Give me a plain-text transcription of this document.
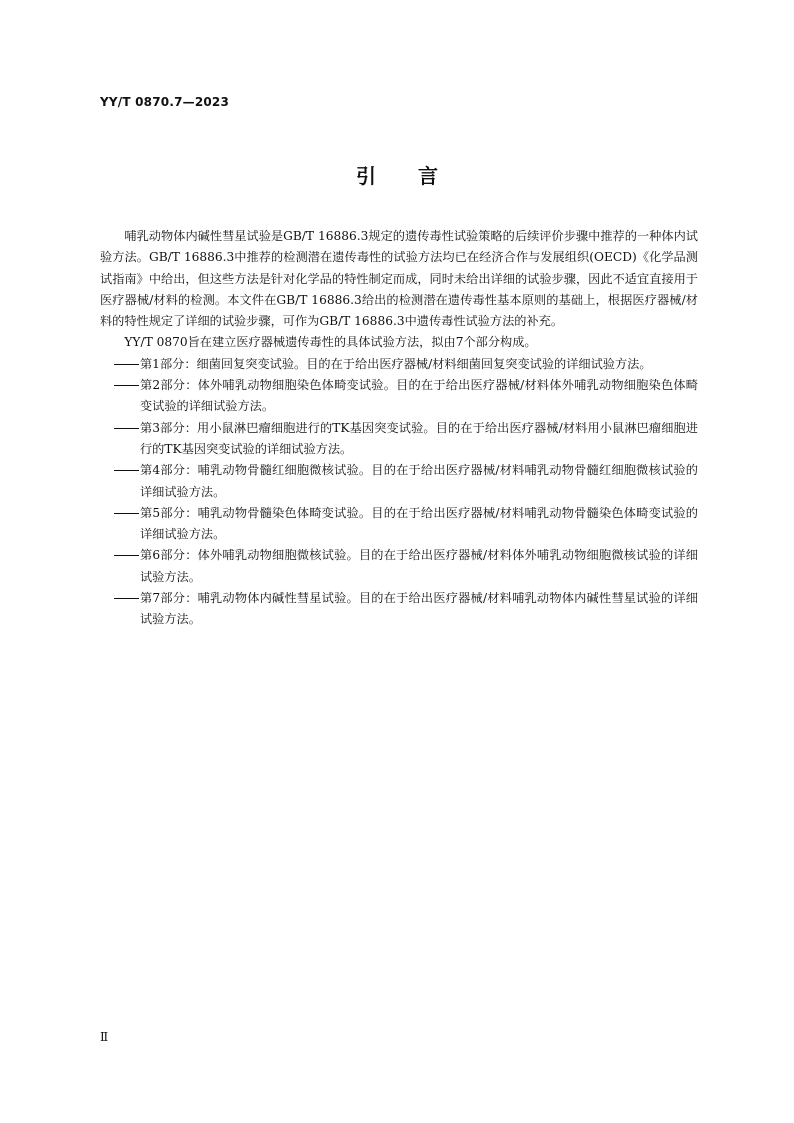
YY/T 0870.7—2023
引言

哺乳动物体内碱性彗星试验是GB/T 16886.3规定的遗传毒性试验策略的后续评价步骤中推荐的一种体内试验方法。GB/T 16886.3中推荐的检测潜在遗传毒性的试验方法均已在经济合作与发展组织(OECD)《化学品测试指南》中给出，但这些方法是针对化学品的特性制定而成，同时未给出详细的试验步骤，因此不适宜直接用于医疗器械/材料的检测。本文件在GB/T 16886.3给出的检测潜在遗传毒性基本原则的基础上，根据医疗器械/材料的特性规定了详细的试验步骤，可作为GB/T 16886.3中遗传毒性试验方法的补充。

YY/T 0870旨在建立医疗器械遗传毒性的具体试验方法，拟由7个部分构成。

第1部分：细菌回复突变试验。目的在于给出医疗器械/材料细菌回复突变试验的详细试验方法。
第2部分：体外哺乳动物细胞染色体畸变试验。目的在于给出医疗器械/材料体外哺乳动物细胞染色体畸变试验的详细试验方法。
第3部分：用小鼠淋巴瘤细胞进行的TK基因突变试验。目的在于给出医疗器械/材料用小鼠淋巴瘤细胞进行的TK基因突变试验的详细试验方法。
第4部分：哺乳动物骨髓红细胞微核试验。目的在于给出医疗器械/材料哺乳动物骨髓红细胞微核试验的详细试验方法。
第5部分：哺乳动物骨髓染色体畸变试验。目的在于给出医疗器械/材料哺乳动物骨髓染色体畸变试验的详细试验方法。
第6部分：体外哺乳动物细胞微核试验。目的在于给出医疗器械/材料体外哺乳动物细胞微核试验的详细试验方法。
第7部分：哺乳动物体内碱性彗星试验。目的在于给出医疗器械/材料哺乳动物体内碱性彗星试验的详细试验方法。
Ⅱ
